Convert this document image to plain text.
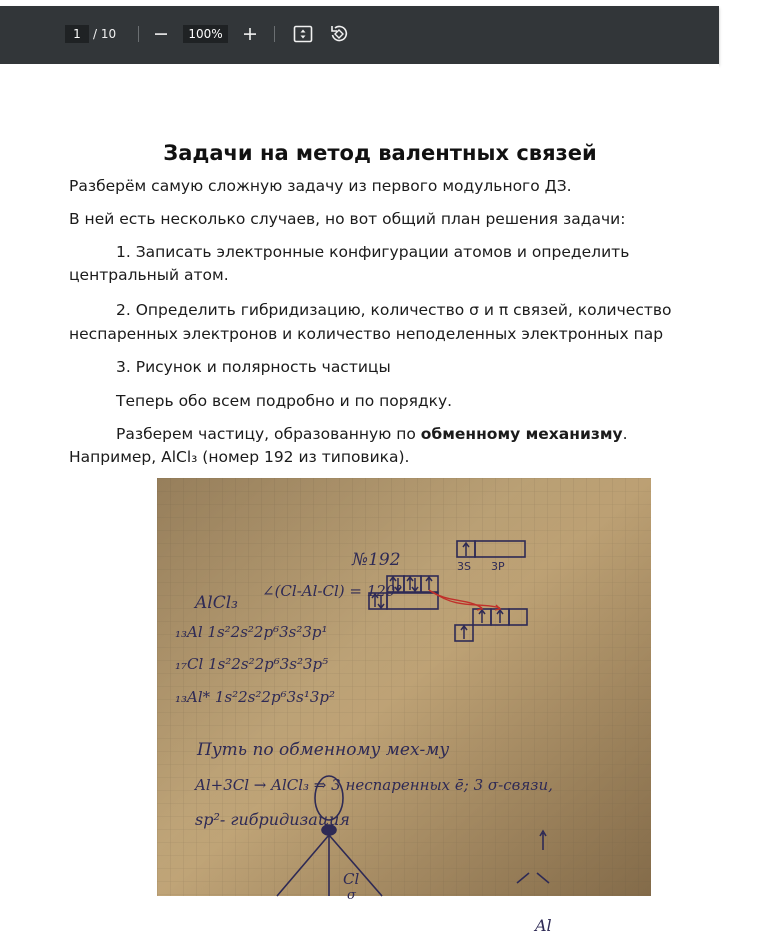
1	/ 10	100%
Задачи на метод валентных связей
Разберём самую сложную задачу из первого модульного ДЗ.
В ней есть несколько случаев, но вот общий план решения задачи:
1. Записать электронные конфигурации атомов и определить
центральный атом.
2. Определить гибридизацию, количество σ и π связей, количество
неспаренных электронов и количество неподеленных электронных пар
3. Рисунок и полярность частицы
Теперь обо всем подробно и по порядку.
Разберем частицу, образованную по обменному механизму.
Например, AlCl₃ (номер 192 из типовика).
№192
AlCl₃
∠(Cl-Al-Cl) = 120°
₁₃Al 1s²2s²2p⁶3s²3p¹
₁₇Cl 1s²2s²2p⁶3s²3p⁵
₁₃Al* 1s²2s²2p⁶3s¹3p²
3S 3P
Путь по обменному мех-му
Al+3Cl → AlCl₃ ⇒ 3 неспаренных ē; 3 σ-связи,
sp²- гибридизация
Cl
σ
Al
